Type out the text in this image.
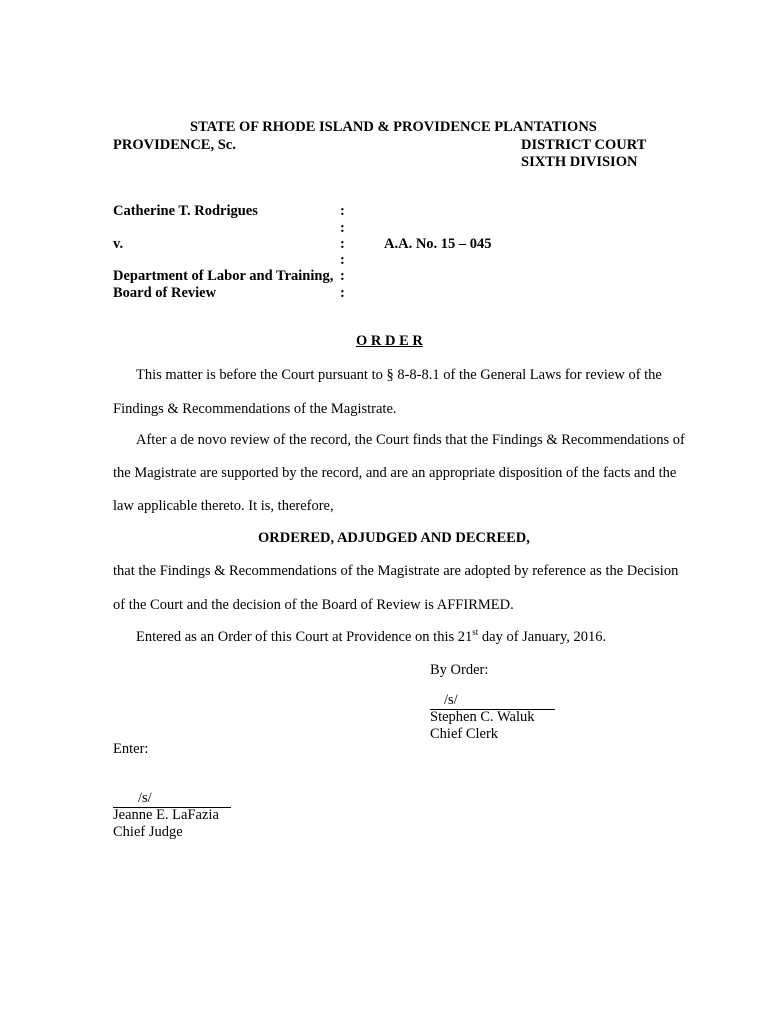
STATE OF RHODE ISLAND & PROVIDENCE PLANTATIONS
PROVIDENCE, Sc.	DISTRICT COURT
SIXTH DIVISION
Catherine T. Rodrigues
v.
Department of Labor and Training,
Board of Review
A.A. No. 15 – 045
:
:
:
:
:
:
O R D E R
This matter is before the Court pursuant to § 8-8-8.1 of the General Laws for review of the
Findings & Recommendations of the Magistrate.
After a de novo review of the record, the Court finds that the Findings & Recommendations of
the Magistrate are supported by the record, and are an appropriate disposition of the facts and the
law applicable thereto. It is, therefore,
ORDERED, ADJUDGED AND DECREED,
that the Findings & Recommendations of the Magistrate are adopted by reference as the Decision
of the Court and the decision of the Board of Review is AFFIRMED.
Entered as an Order of this Court at Providence on this 21st day of January, 2016.
By Order:
/s/
Stephen C. Waluk
Chief Clerk
Enter:
/s/
Jeanne E. LaFazia
Chief Judge
